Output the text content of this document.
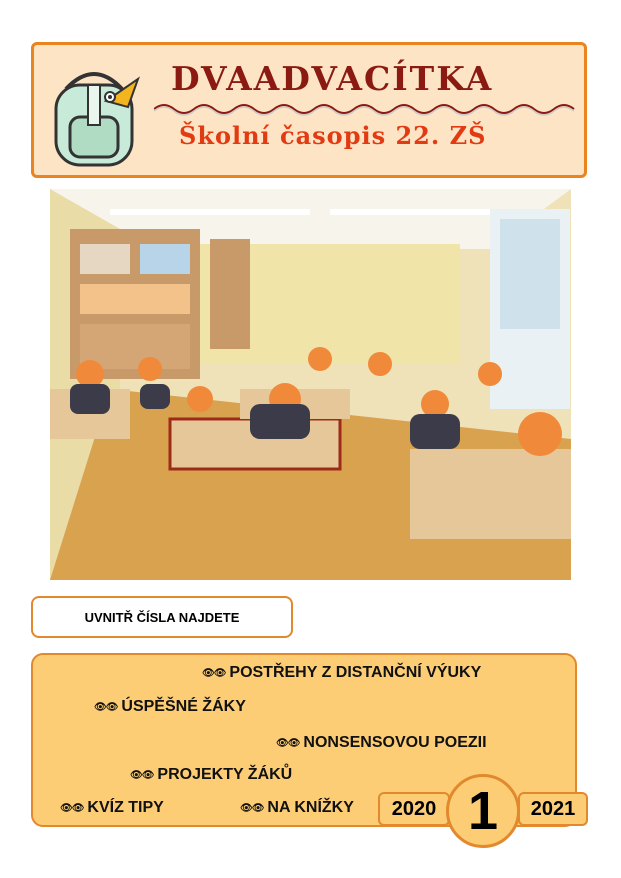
DVAADVACÍTKA
Školní časopis 22. ZŠ
UVNITŘ ČÍSLA NAJDETE
👁👁 POSTŘEHY Z DISTANČNÍ VÝUKY
👁👁 ÚSPĚŠNÉ ŽÁKY
👁👁 NONSENSOVOU POEZII
👁👁 PROJEKTY ŽÁKŮ
👁👁 KVÍZ TIPY	👁👁 NA KNÍŽKY	2020	2021
1
